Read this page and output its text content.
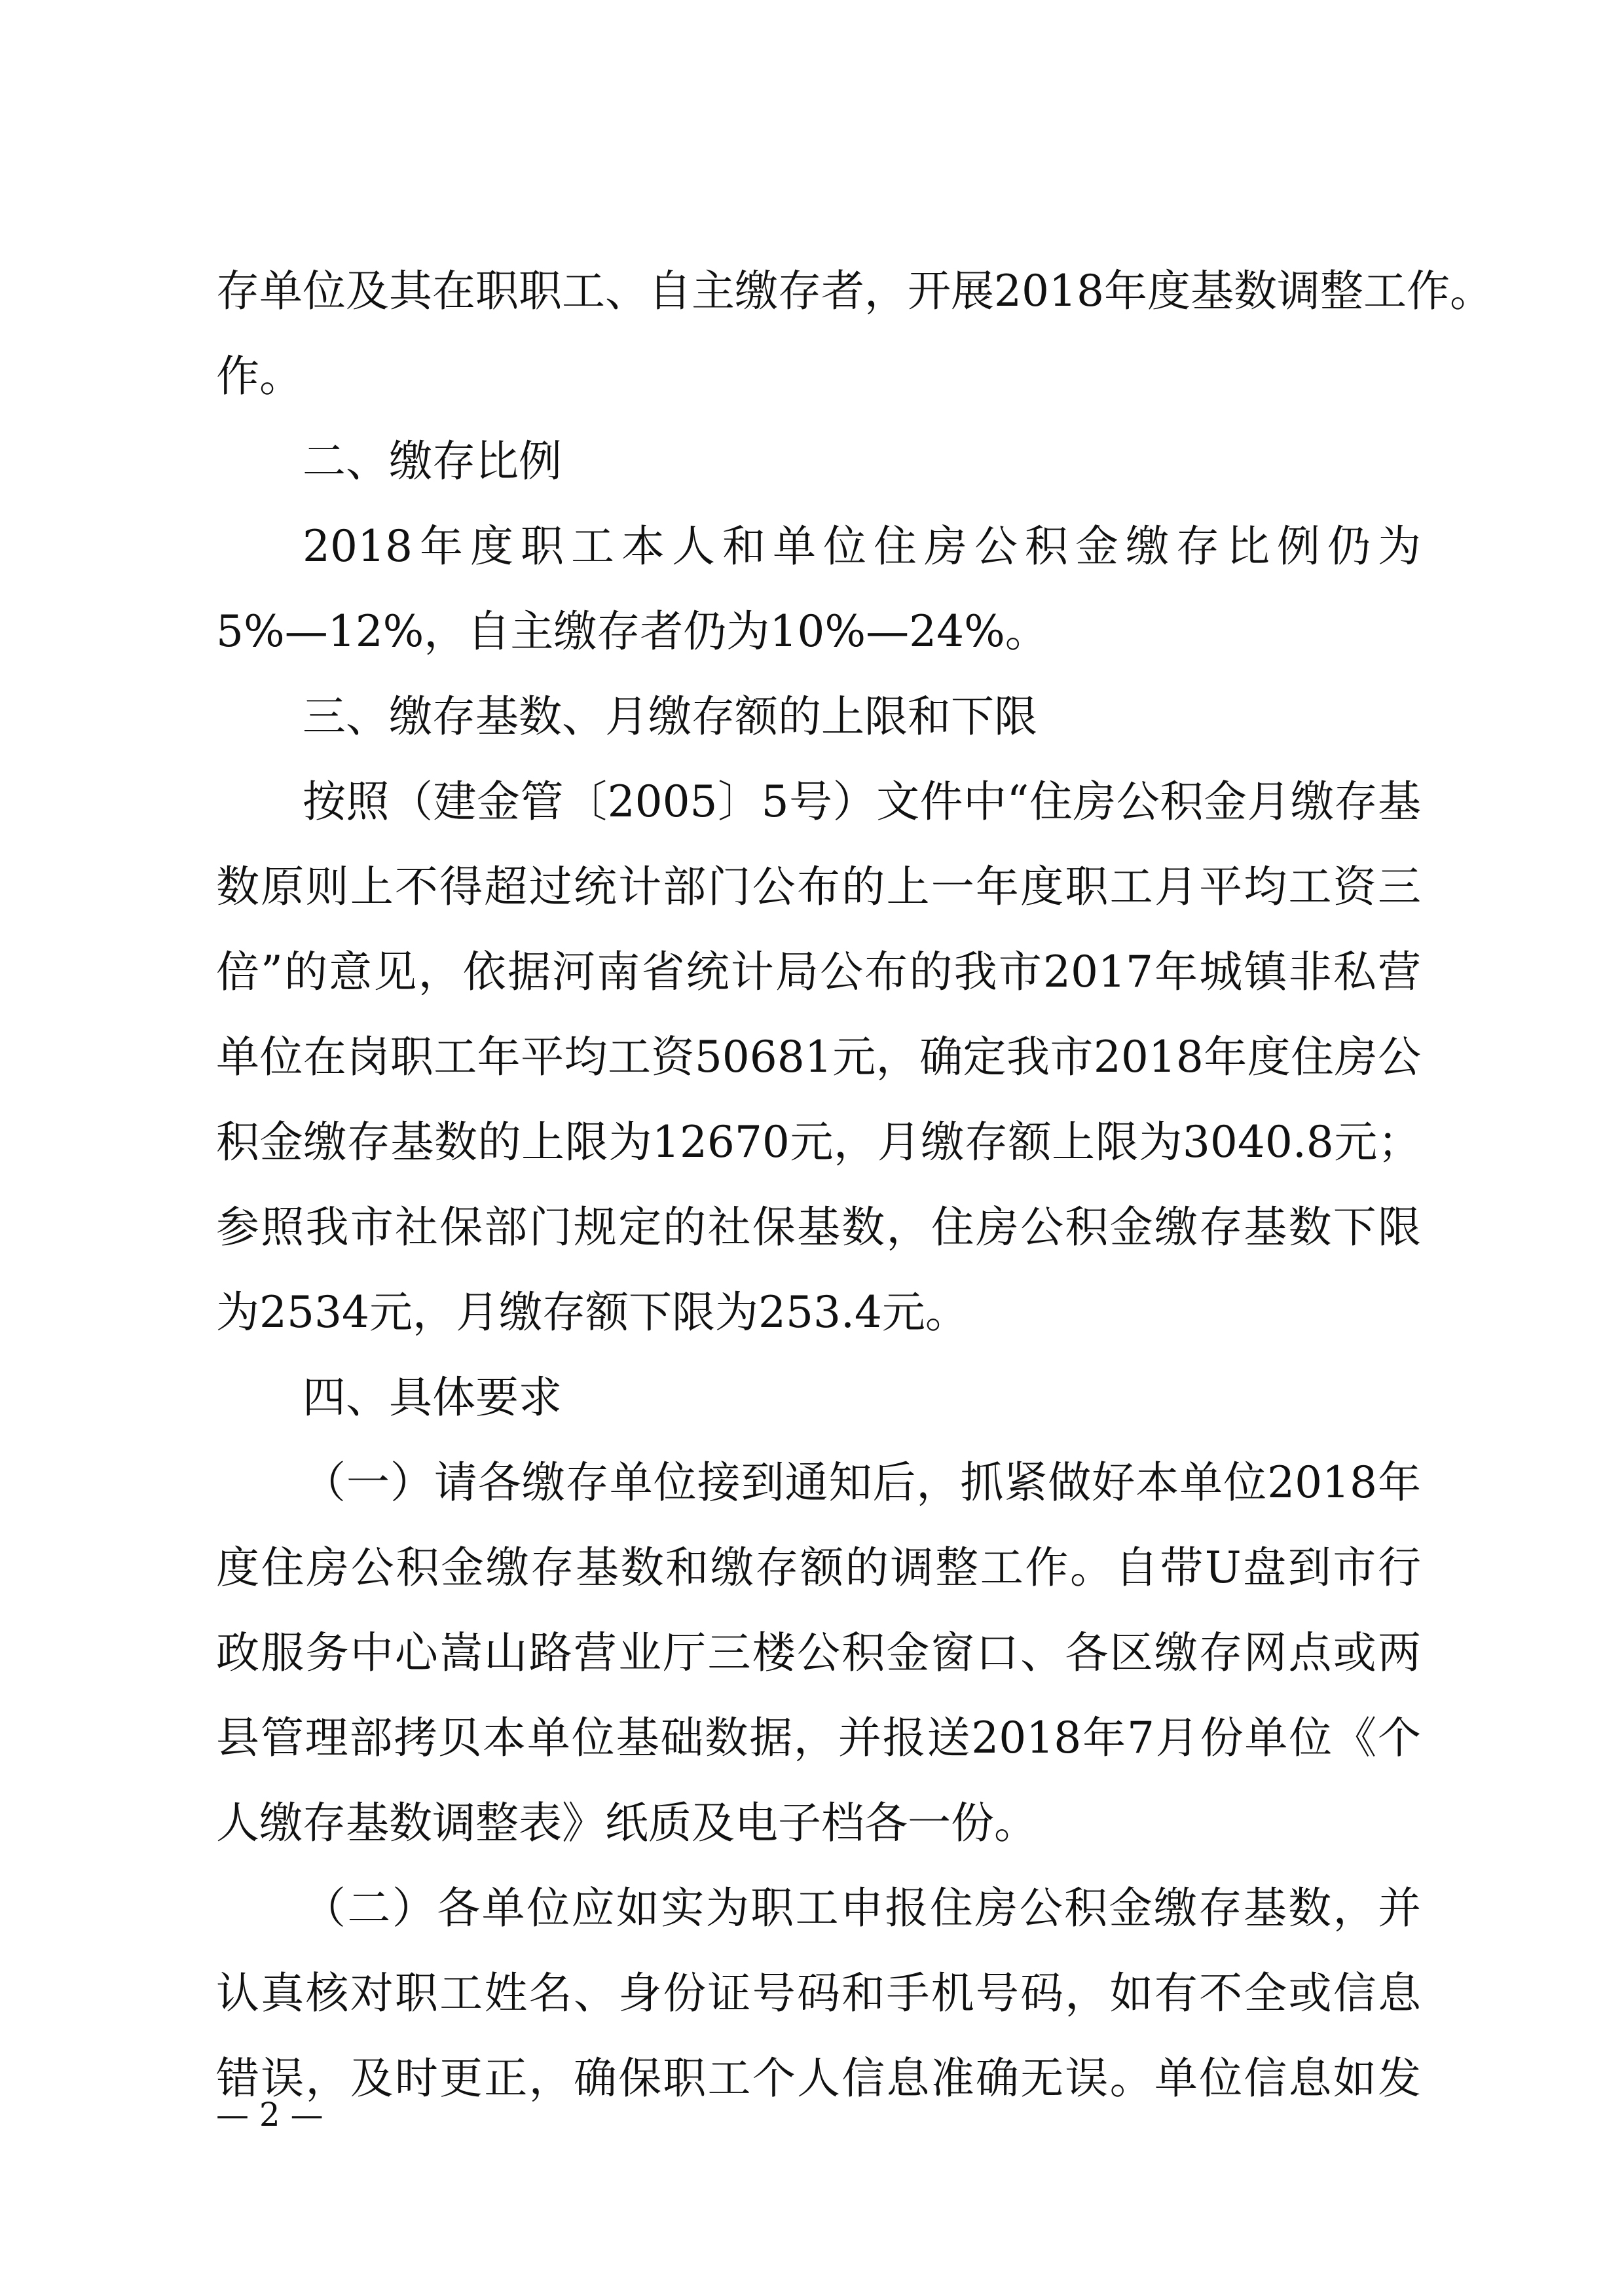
存单位及其在职职工、自主缴存者，开展2018年度基数调整工作。
作。
二、缴存比例
2018年度职工本人和单位住房公积金缴存比例仍为
5%—12%，自主缴存者仍为10%—24%。
三、缴存基数、月缴存额的上限和下限
按照（建金管〔2005〕5号）文件中“住房公积金月缴存基
数原则上不得超过统计部门公布的上一年度职工月平均工资三
倍”的意见，依据河南省统计局公布的我市2017年城镇非私营
单位在岗职工年平均工资50681元，确定我市2018年度住房公
积金缴存基数的上限为12670元，月缴存额上限为3040.8元；
参照我市社保部门规定的社保基数，住房公积金缴存基数下限
为2534元，月缴存额下限为253.4元。
四、具体要求
（一）请各缴存单位接到通知后，抓紧做好本单位2018年
度住房公积金缴存基数和缴存额的调整工作。自带U盘到市行
政服务中心嵩山路营业厅三楼公积金窗口、各区缴存网点或两
县管理部拷贝本单位基础数据，并报送2018年7月份单位《个
人缴存基数调整表》纸质及电子档各一份。
（二）各单位应如实为职工申报住房公积金缴存基数，并
认真核对职工姓名、身份证号码和手机号码，如有不全或信息
错误，及时更正，确保职工个人信息准确无误。单位信息如发
— 2 —
